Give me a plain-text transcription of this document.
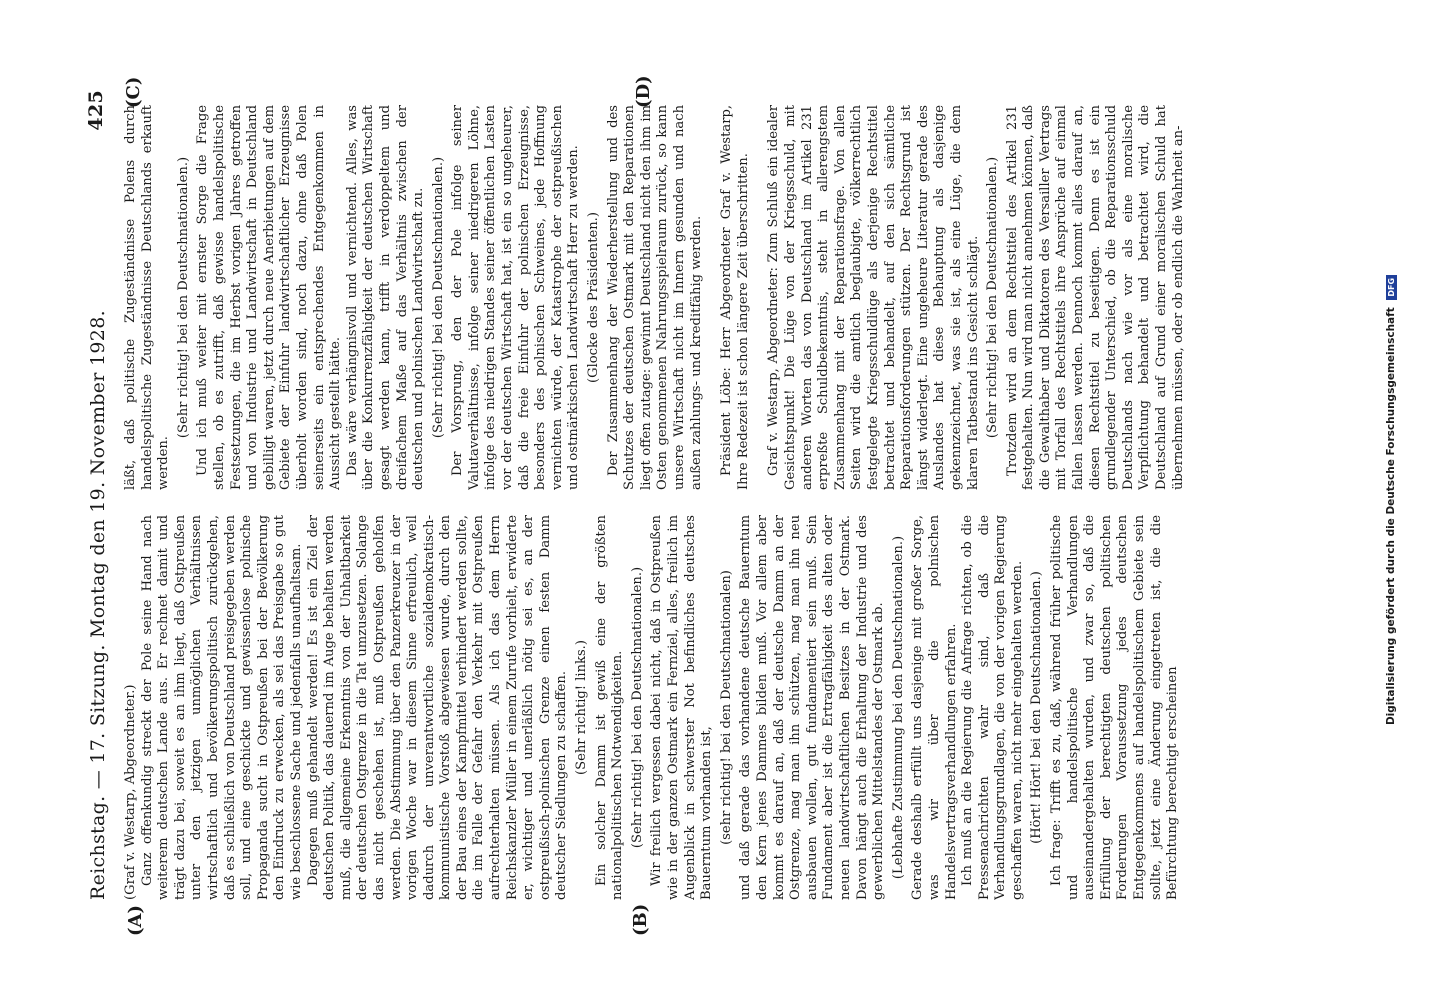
Reichstag. — 17. Sitzung. Montag den 19. November 1928.
425
(A)	(B)
(C)	(D)

(Graf v. Westarp, Abgeordneter.) Ganz offenkundig streckt der Pole seine Hand nach weiterem deutschen Lande aus. Er rechnet damit und trägt dazu bei, soweit es an ihm liegt, daß Ostpreußen unter den jetzigen unmöglichen Verhältnissen wirtschaftlich und bevölkerungspolitisch zurückgehen, daß es schließlich von Deutschland preisgegeben werden soll, und eine geschickte und gewissenlose polnische Propaganda sucht in Ostpreußen bei der Bevölkerung den Eindruck zu erwecken, als sei das Preisgabe so gut wie beschlossene Sache und jedenfalls unaufhaltsam. Dagegen muß gehandelt werden! Es ist ein Ziel der deutschen Politik, das dauernd im Auge behalten werden muß, die allgemeine Erkenntnis von der Unhaltbarkeit der deutschen Ostgrenze in die Tat umzusetzen. Solange das nicht geschehen ist, muß Ostpreußen geholfen werden. Die Abstimmung über den Panzerkreuzer in der vorigen Woche war in diesem Sinne erfreulich, weil dadurch der unverantwortliche sozialdemokratisch-kommunistische Vorstoß abgewiesen wurde, durch den der Bau eines der Kampfmittel verhindert werden sollte, die im Falle der Gefahr den Verkehr mit Ostpreußen aufrechterhalten müssen. Als ich das dem Herrn Reichskanzler Müller in einem Zurufe vorhielt, erwiderte er, wichtiger und unerläßlich nötig sei es, an der ostpreußisch-polnischen Grenze einen festen Damm deutscher Siedlungen zu schaffen. (Sehr richtig! links.) Ein solcher Damm ist gewiß eine der größten nationalpolitischen Notwendigkeiten. (Sehr richtig! bei den Deutschnationalen.) Wir freilich vergessen dabei nicht, daß in Ostpreußen wie in der ganzen Ostmark ein Fernziel, alles, freilich im Augenblick in schwerster Not befindliches deutsches Bauerntum vorhanden ist, (sehr richtig! bei den Deutschnationalen) und daß gerade das vorhandene deutsche Bauerntum den Kern jenes Dammes bilden muß. Vor allem aber kommt es darauf an, daß der deutsche Damm an der Ostgrenze, mag man ihn schützen, mag man ihn neu ausbauen wollen, gut fundamentiert sein muß. Sein Fundament aber ist die Ertragfähigkeit des alten oder neuen landwirtschaftlichen Besitzes in der Ostmark. Davon hängt auch die Erhaltung der Industrie und des gewerblichen Mittelstandes der Ostmark ab. (Lebhafte Zustimmung bei den Deutschnationalen.) Gerade deshalb erfüllt uns dasjenige mit großer Sorge, was wir über die polnischen Handelsvertragsverhandlungen erfahren. Ich muß an die Regierung die Anfrage richten, ob die Pressenachrichten wahr sind, daß die Verhandlungsgrundlagen, die von der vorigen Regierung geschaffen waren, nicht mehr eingehalten werden. (Hört! Hört! bei den Deutschnationalen.) Ich frage: Trifft es zu, daß, während früher politische und handelspolitische Verhandlungen auseinandergehalten wurden, und zwar so, daß die Erfüllung der berechtigten deutschen politischen Forderungen Voraussetzung jedes deutschen Entgegenkommens auf handelspolitischem Gebiete sein sollte, jetzt eine Änderung eingetreten ist, die die Befürchtung berechtigt erscheinen

läßt, daß politische Zugeständnisse Polens durch handelspolitische Zugeständnisse Deutschlands erkauft werden.

(Sehr richtig! bei den Deutschnationalen.) Und ich muß weiter mit ernster Sorge die Frage stellen, ob es zutrifft, daß gewisse handelspolitische Festsetzungen, die im Herbst vorigen Jahres getroffen und von Industrie und Landwirtschaft in Deutschland gebilligt waren, jetzt durch neue Anerbietungen auf dem Gebiete der Einfuhr landwirtschaftlicher Erzeugnisse überholt worden sind, noch dazu, ohne daß Polen seinerseits ein entsprechendes Entgegenkommen in Aussicht gestellt hätte. Das wäre verhängnisvoll und vernichtend. Alles, was über die Konkurrenzfähigkeit der deutschen Wirtschaft gesagt werden kann, trifft in verdoppeltem und dreifachem Maße auf das Verhältnis zwischen der deutschen und polnischen Landwirtschaft zu. (Sehr richtig! bei den Deutschnationalen.) Der Vorsprung, den der Pole infolge seiner Valutaverhältnisse, infolge seiner niedrigeren Löhne, infolge des niedrigen Standes seiner öffentlichen Lasten vor der deutschen Wirtschaft hat, ist ein so ungeheurer, daß die freie Einfuhr der polnischen Erzeugnisse, besonders des polnischen Schweines, jede Hoffnung vernichten würde, der Katastrophe der ostpreußischen und ostmärkischen Landwirtschaft Herr zu werden. (Glocke des Präsidenten.) Der Zusammenhang der Wiederherstellung und des Schutzes der deutschen Ostmark mit den Reparationen liegt offen zutage: gewinnt Deutschland nicht den ihm im Osten genommenen Nahrungsspielraum zurück, so kann unsere Wirtschaft nicht im Innern gesunden und nach außen zahlungs- und kreditfähig werden. Präsident Löbe: Herr Abgeordneter Graf v. Westarp, Ihre Redezeit ist schon längere Zeit überschritten. Graf v. Westarp, Abgeordneter: Zum Schluß ein idealer Gesichtspunkt! Die Lüge von der Kriegsschuld, mit anderen Worten das von Deutschland im Artikel 231 erpreßte Schuldbekenntnis, steht in allerengstem Zusammenhang mit der Reparationsfrage. Von allen Seiten wird die amtlich beglaubigte, völkerrechtlich festgelegte Kriegsschuldlüge als derjenige Rechtstitel betrachtet und behandelt, auf den sich sämtliche Reparationsforderungen stützen. Der Rechtsgrund ist längst widerlegt. Eine ungeheure Literatur gerade des Auslandes hat diese Behauptung als dasjenige gekennzeichnet, was sie ist, als eine Lüge, die dem klaren Tatbestand ins Gesicht schlägt. (Sehr richtig! bei den Deutschnationalen.) Trotzdem wird an dem Rechtstitel des Artikel 231 festgehalten. Nun wird man nicht annehmen können, daß die Gewalthaber und Diktatoren des Versailler Vertrags mit Torfall des Rechtstitels ihre Ansprüche auf einmal fallen lassen werden. Dennoch kommt alles darauf an, diesen Rechtstitel zu beseitigen. Denn es ist ein grundlegender Unterschied, ob die Reparationsschuld Deutschlands nach wie vor als eine moralische Verpflichtung behandelt und betrachtet wird, die Deutschland auf Grund einer moralischen Schuld hat übernehmen müssen, oder ob endlich die Wahrheit an-	Digitalisierung gefördert durch die Deutsche Forschungsgemeinschaft DFG
